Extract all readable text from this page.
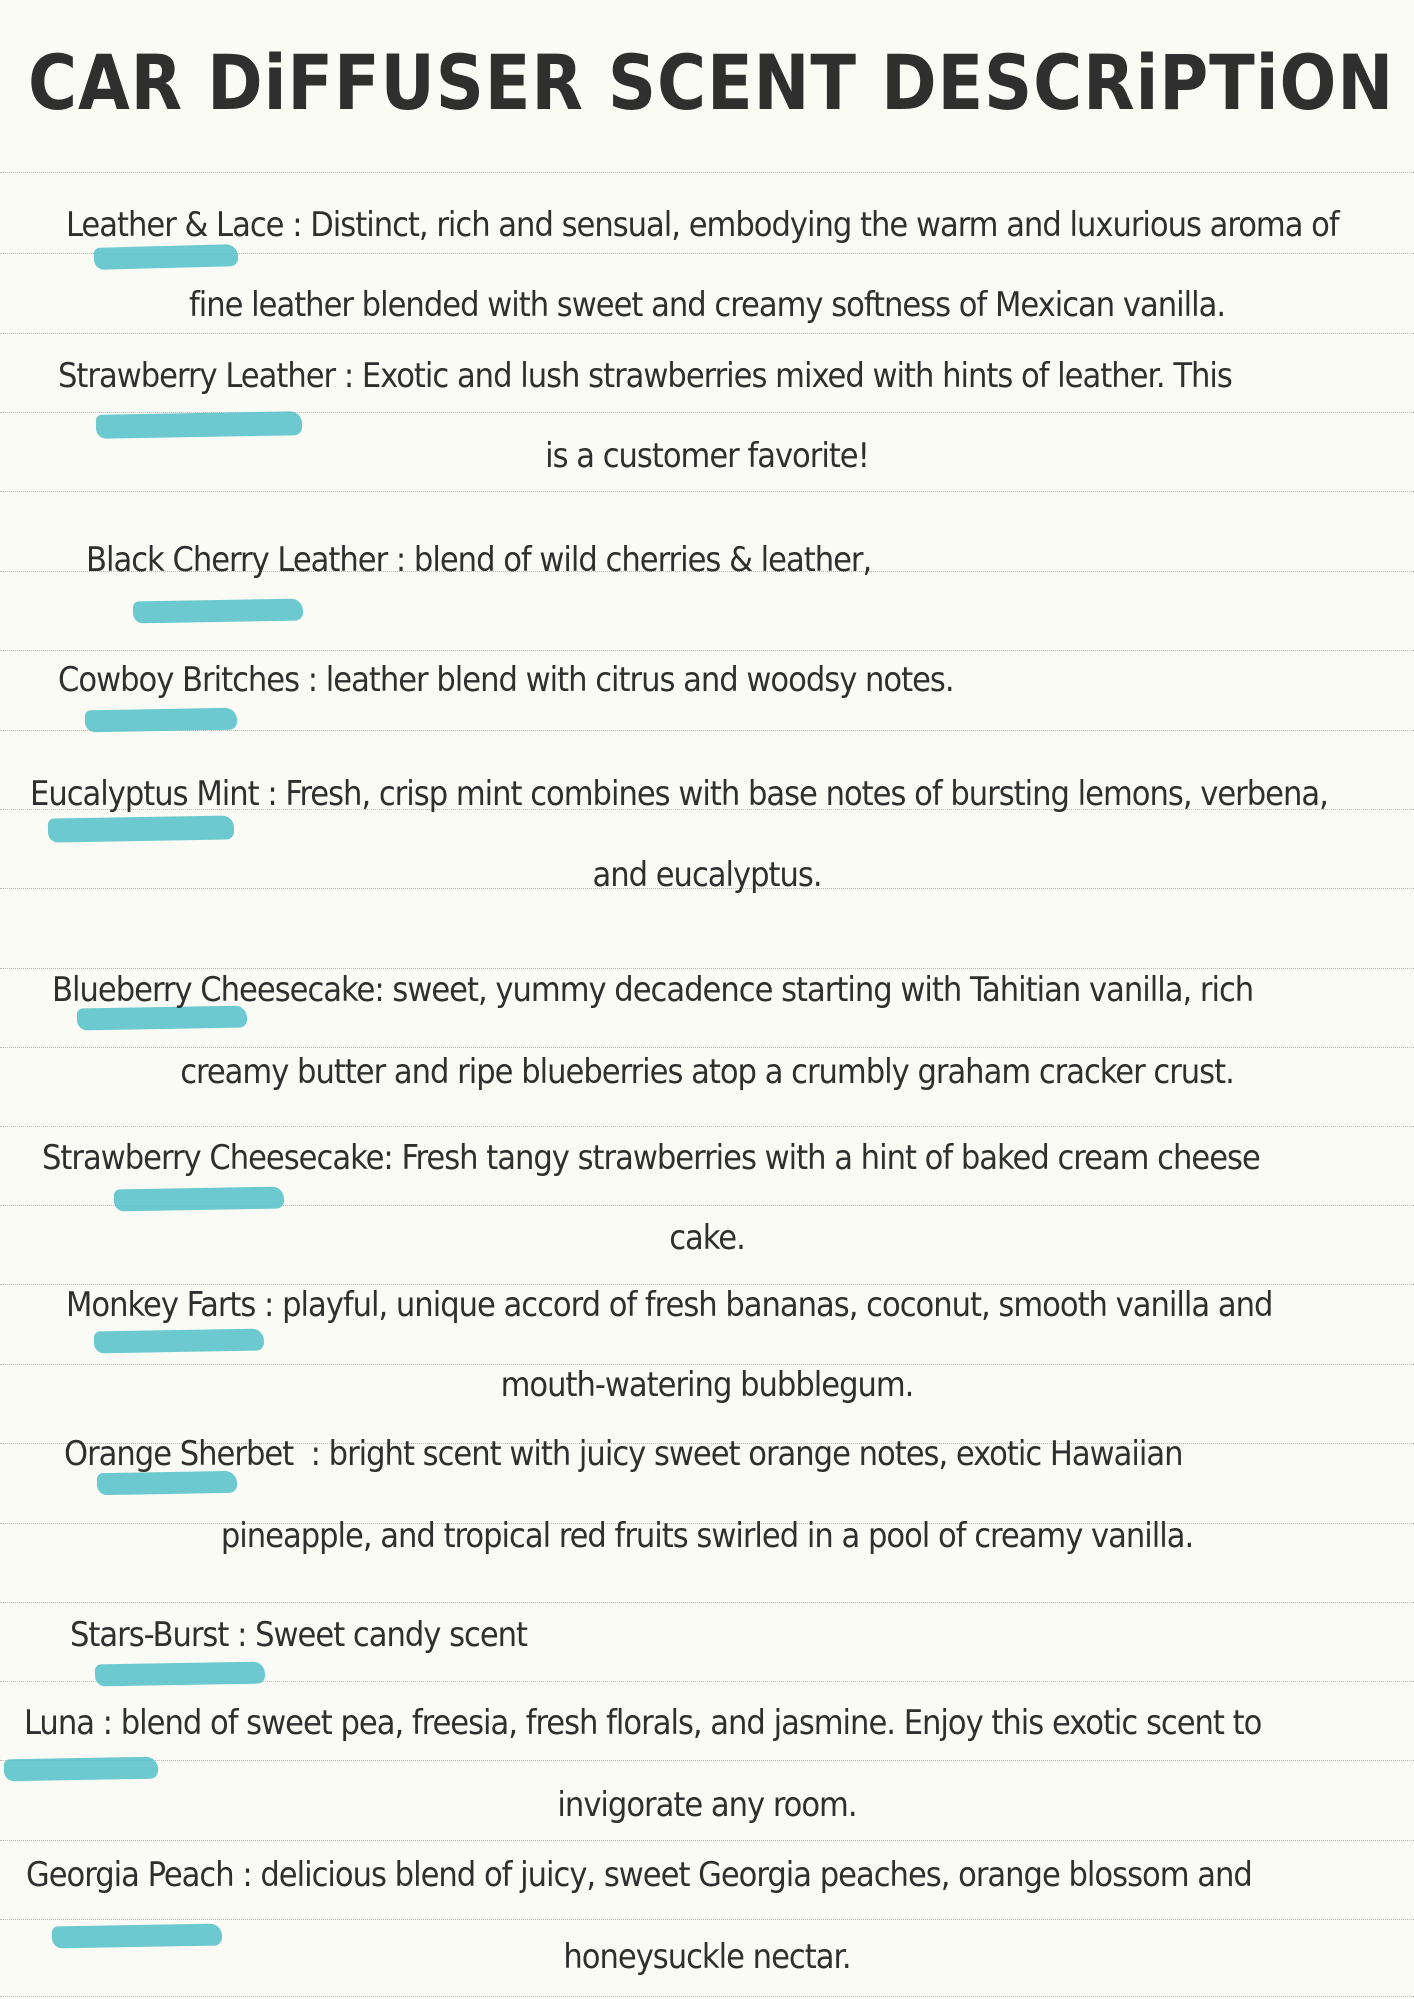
CAR DiFFUSER SCENT DESCRiPTiON
Leather & Lace : Distinct, rich and sensual, embodying the warm and luxurious aroma of
fine leather blended with sweet and creamy softness of Mexican vanilla.
Strawberry Leather : Exotic and lush strawberries mixed with hints of leather. This
is a customer favorite!
Black Cherry Leather : blend of wild cherries & leather,
Cowboy Britches : leather blend with citrus and woodsy notes.
Eucalyptus Mint : Fresh, crisp mint combines with base notes of bursting lemons, verbena,
and eucalyptus.
Blueberry Cheesecake: sweet, yummy decadence starting with Tahitian vanilla, rich
creamy butter and ripe blueberries atop a crumbly graham cracker crust.
Strawberry Cheesecake: Fresh tangy strawberries with a hint of baked cream cheese
cake.
Monkey Farts : playful, unique accord of fresh bananas, coconut, smooth vanilla and
mouth-watering bubblegum.
Orange Sherbet  : bright scent with juicy sweet orange notes, exotic Hawaiian
pineapple, and tropical red fruits swirled in a pool of creamy vanilla.
Stars-Burst : Sweet candy scent
Luna : blend of sweet pea, freesia, fresh florals, and jasmine. Enjoy this exotic scent to
invigorate any room.
Georgia Peach : delicious blend of juicy, sweet Georgia peaches, orange blossom and
honeysuckle nectar.
